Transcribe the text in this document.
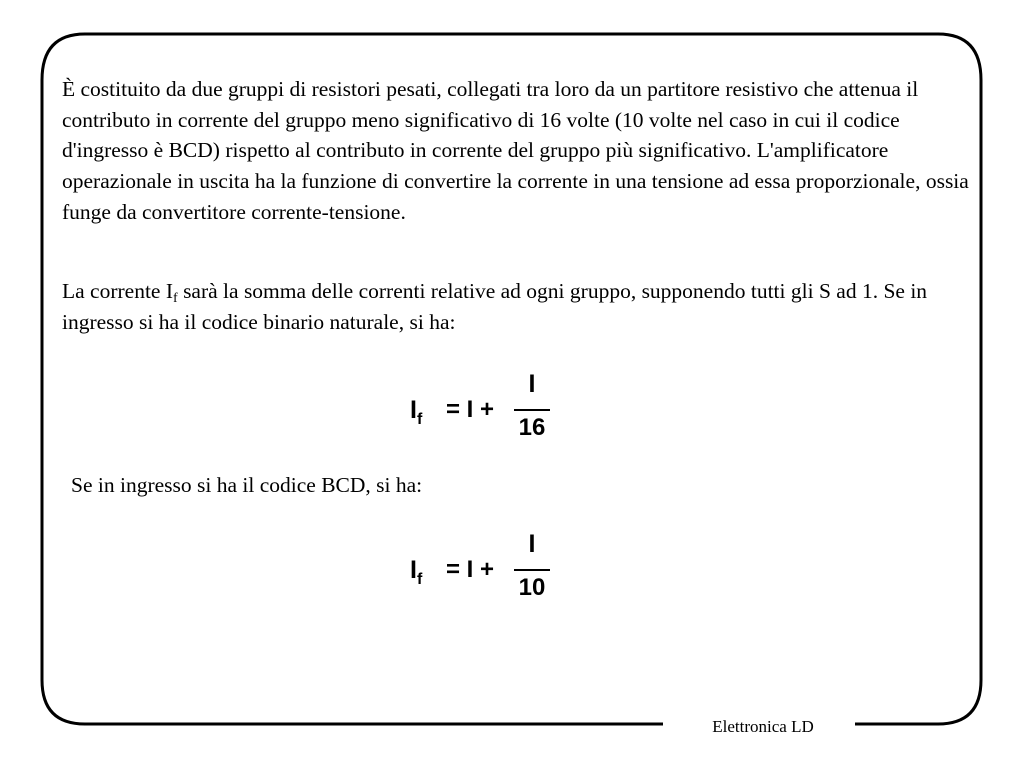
È costituito da due gruppi di resistori pesati, collegati tra loro da un partitore resistivo che attenua il contributo in corrente del gruppo meno significativo di 16 volte (10 volte nel caso in cui il codice d'ingresso è BCD) rispetto al contributo in corrente del gruppo più significativo. L'amplificatore operazionale in uscita ha la funzione di convertire la corrente in una tensione ad essa proporzionale, ossia funge da convertitore corrente-tensione.

La corrente $I_f$ sarà la somma delle correnti relative ad ogni gruppo, supponendo tutti gli S ad 1. Se in ingresso si ha il codice binario naturale, si ha:

$I_f = I$ +
I
16

Se in ingresso si ha il codice BCD, si ha:

$I_f = I$ +
I
10
Elettronica LD
